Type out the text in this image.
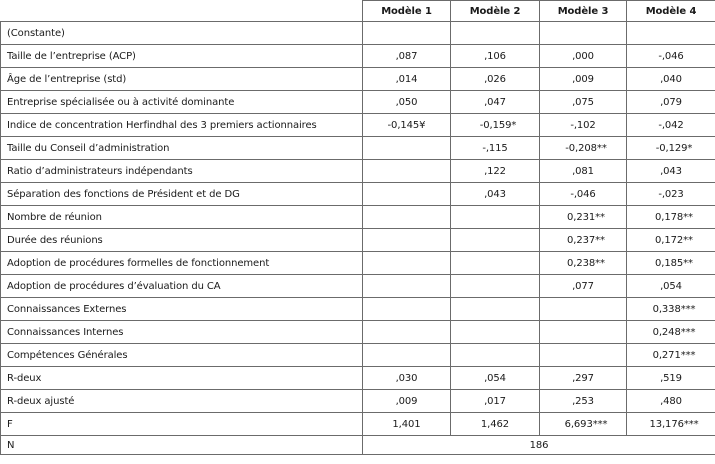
	Modèle 1	Modèle 2	Modèle 3	Modèle 4
(Constante)				
Taille de l’entreprise (ACP)	,087	,106	,000	-,046
Âge de l’entreprise (std)	,014	,026	,009	,040
Entreprise spécialisée ou à activité dominante	,050	,047	,075	,079
Indice de concentration Herfindhal des 3 premiers actionnaires	-0,145¥	-0,159*	-,102	-,042
Taille du Conseil d’administration		-,115	-0,208**	-0,129*
Ratio d’administrateurs indépendants		,122	,081	,043
Séparation des fonctions de Président et de DG		,043	-,046	-,023
Nombre de réunion			0,231**	0,178**
Durée des réunions			0,237**	0,172**
Adoption de procédures formelles de fonctionnement			0,238**	0,185**
Adoption de procédures d’évaluation du CA			,077	,054
Connaissances Externes				0,338***
Connaissances Internes				0,248***
Compétences Générales				0,271***
R-deux	,030	,054	,297	,519
R-deux ajusté	,009	,017	,253	,480
F	1,401	1,462	6,693***	13,176***
N	186			
